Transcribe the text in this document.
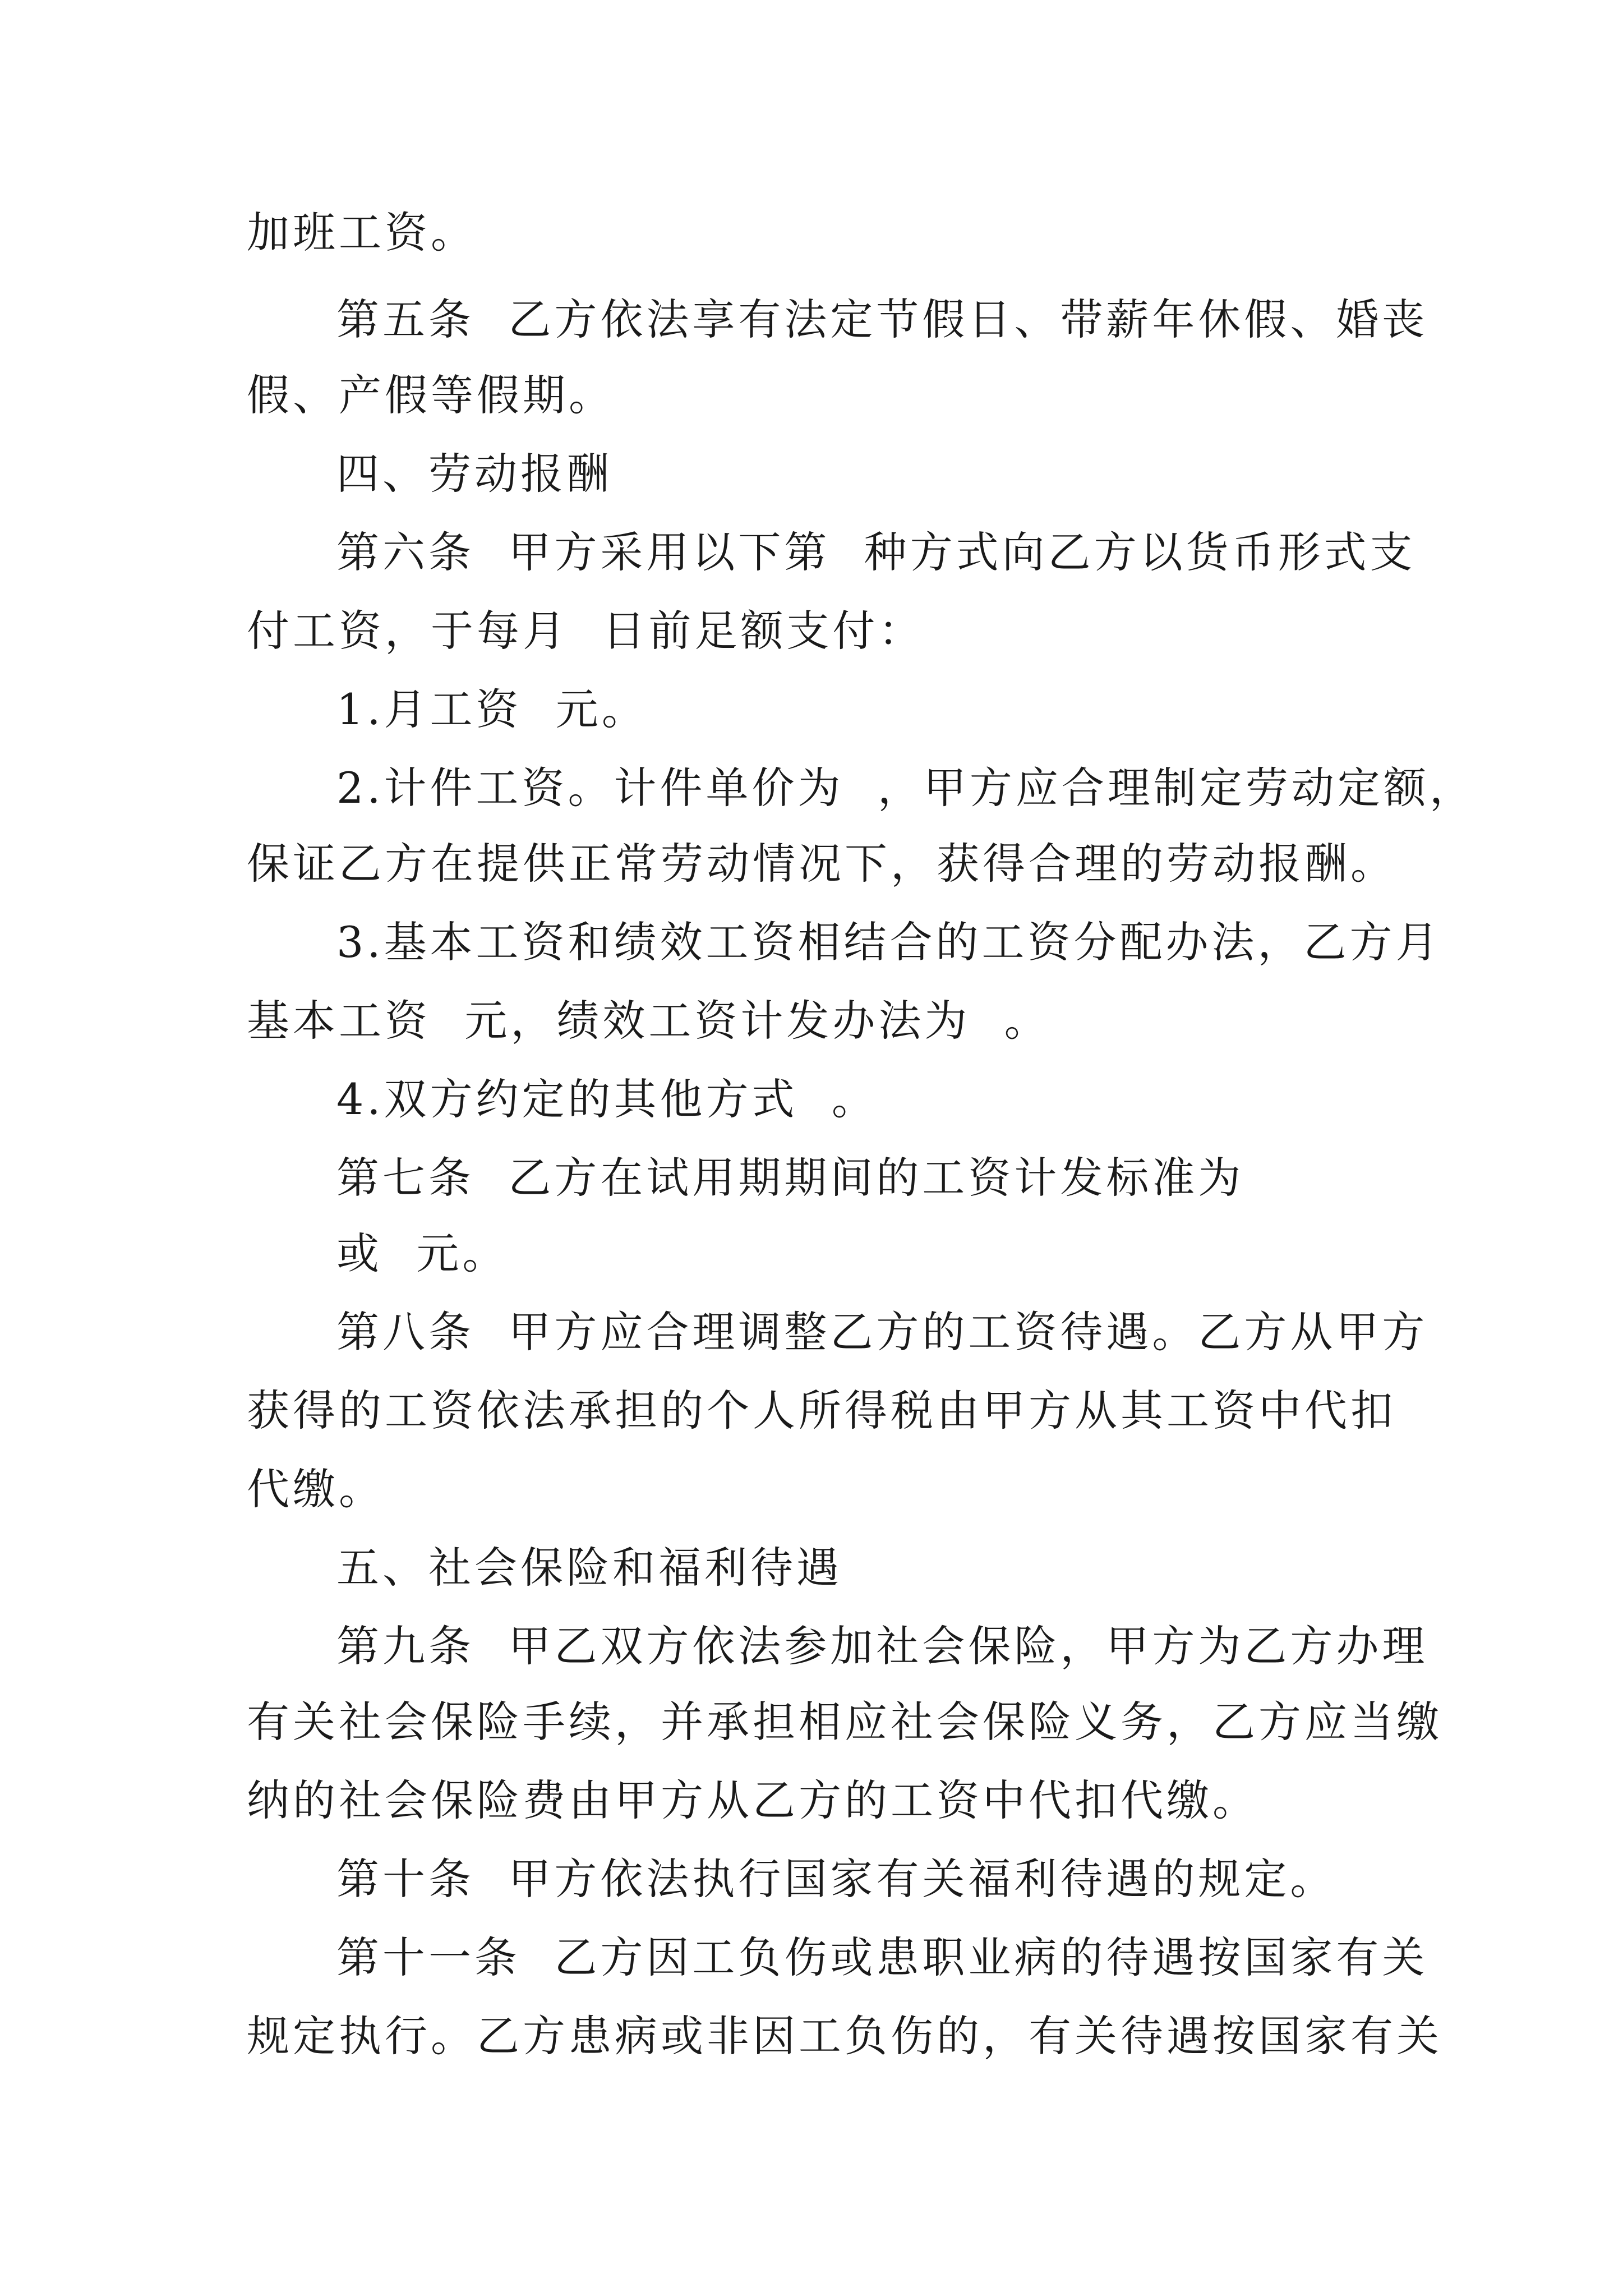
加班工资。

第五条  乙方依法享有法定节假日、带薪年休假、婚丧

假、产假等假期。

四、劳动报酬

第六条  甲方采用以下第  种方式向乙方以货币形式支

付工资，于每月  日前足额支付：

1.月工资  元。

2.计件工资。计件单价为  ，甲方应合理制定劳动定额，

保证乙方在提供正常劳动情况下，获得合理的劳动报酬。

3.基本工资和绩效工资相结合的工资分配办法，乙方月

基本工资  元，绩效工资计发办法为  。

4.双方约定的其他方式  。

第七条  乙方在试用期期间的工资计发标准为

或  元。

第八条  甲方应合理调整乙方的工资待遇。乙方从甲方

获得的工资依法承担的个人所得税由甲方从其工资中代扣

代缴。

五、社会保险和福利待遇

第九条  甲乙双方依法参加社会保险，甲方为乙方办理

有关社会保险手续，并承担相应社会保险义务，乙方应当缴

纳的社会保险费由甲方从乙方的工资中代扣代缴。

第十条  甲方依法执行国家有关福利待遇的规定。

第十一条  乙方因工负伤或患职业病的待遇按国家有关

规定执行。乙方患病或非因工负伤的，有关待遇按国家有关
